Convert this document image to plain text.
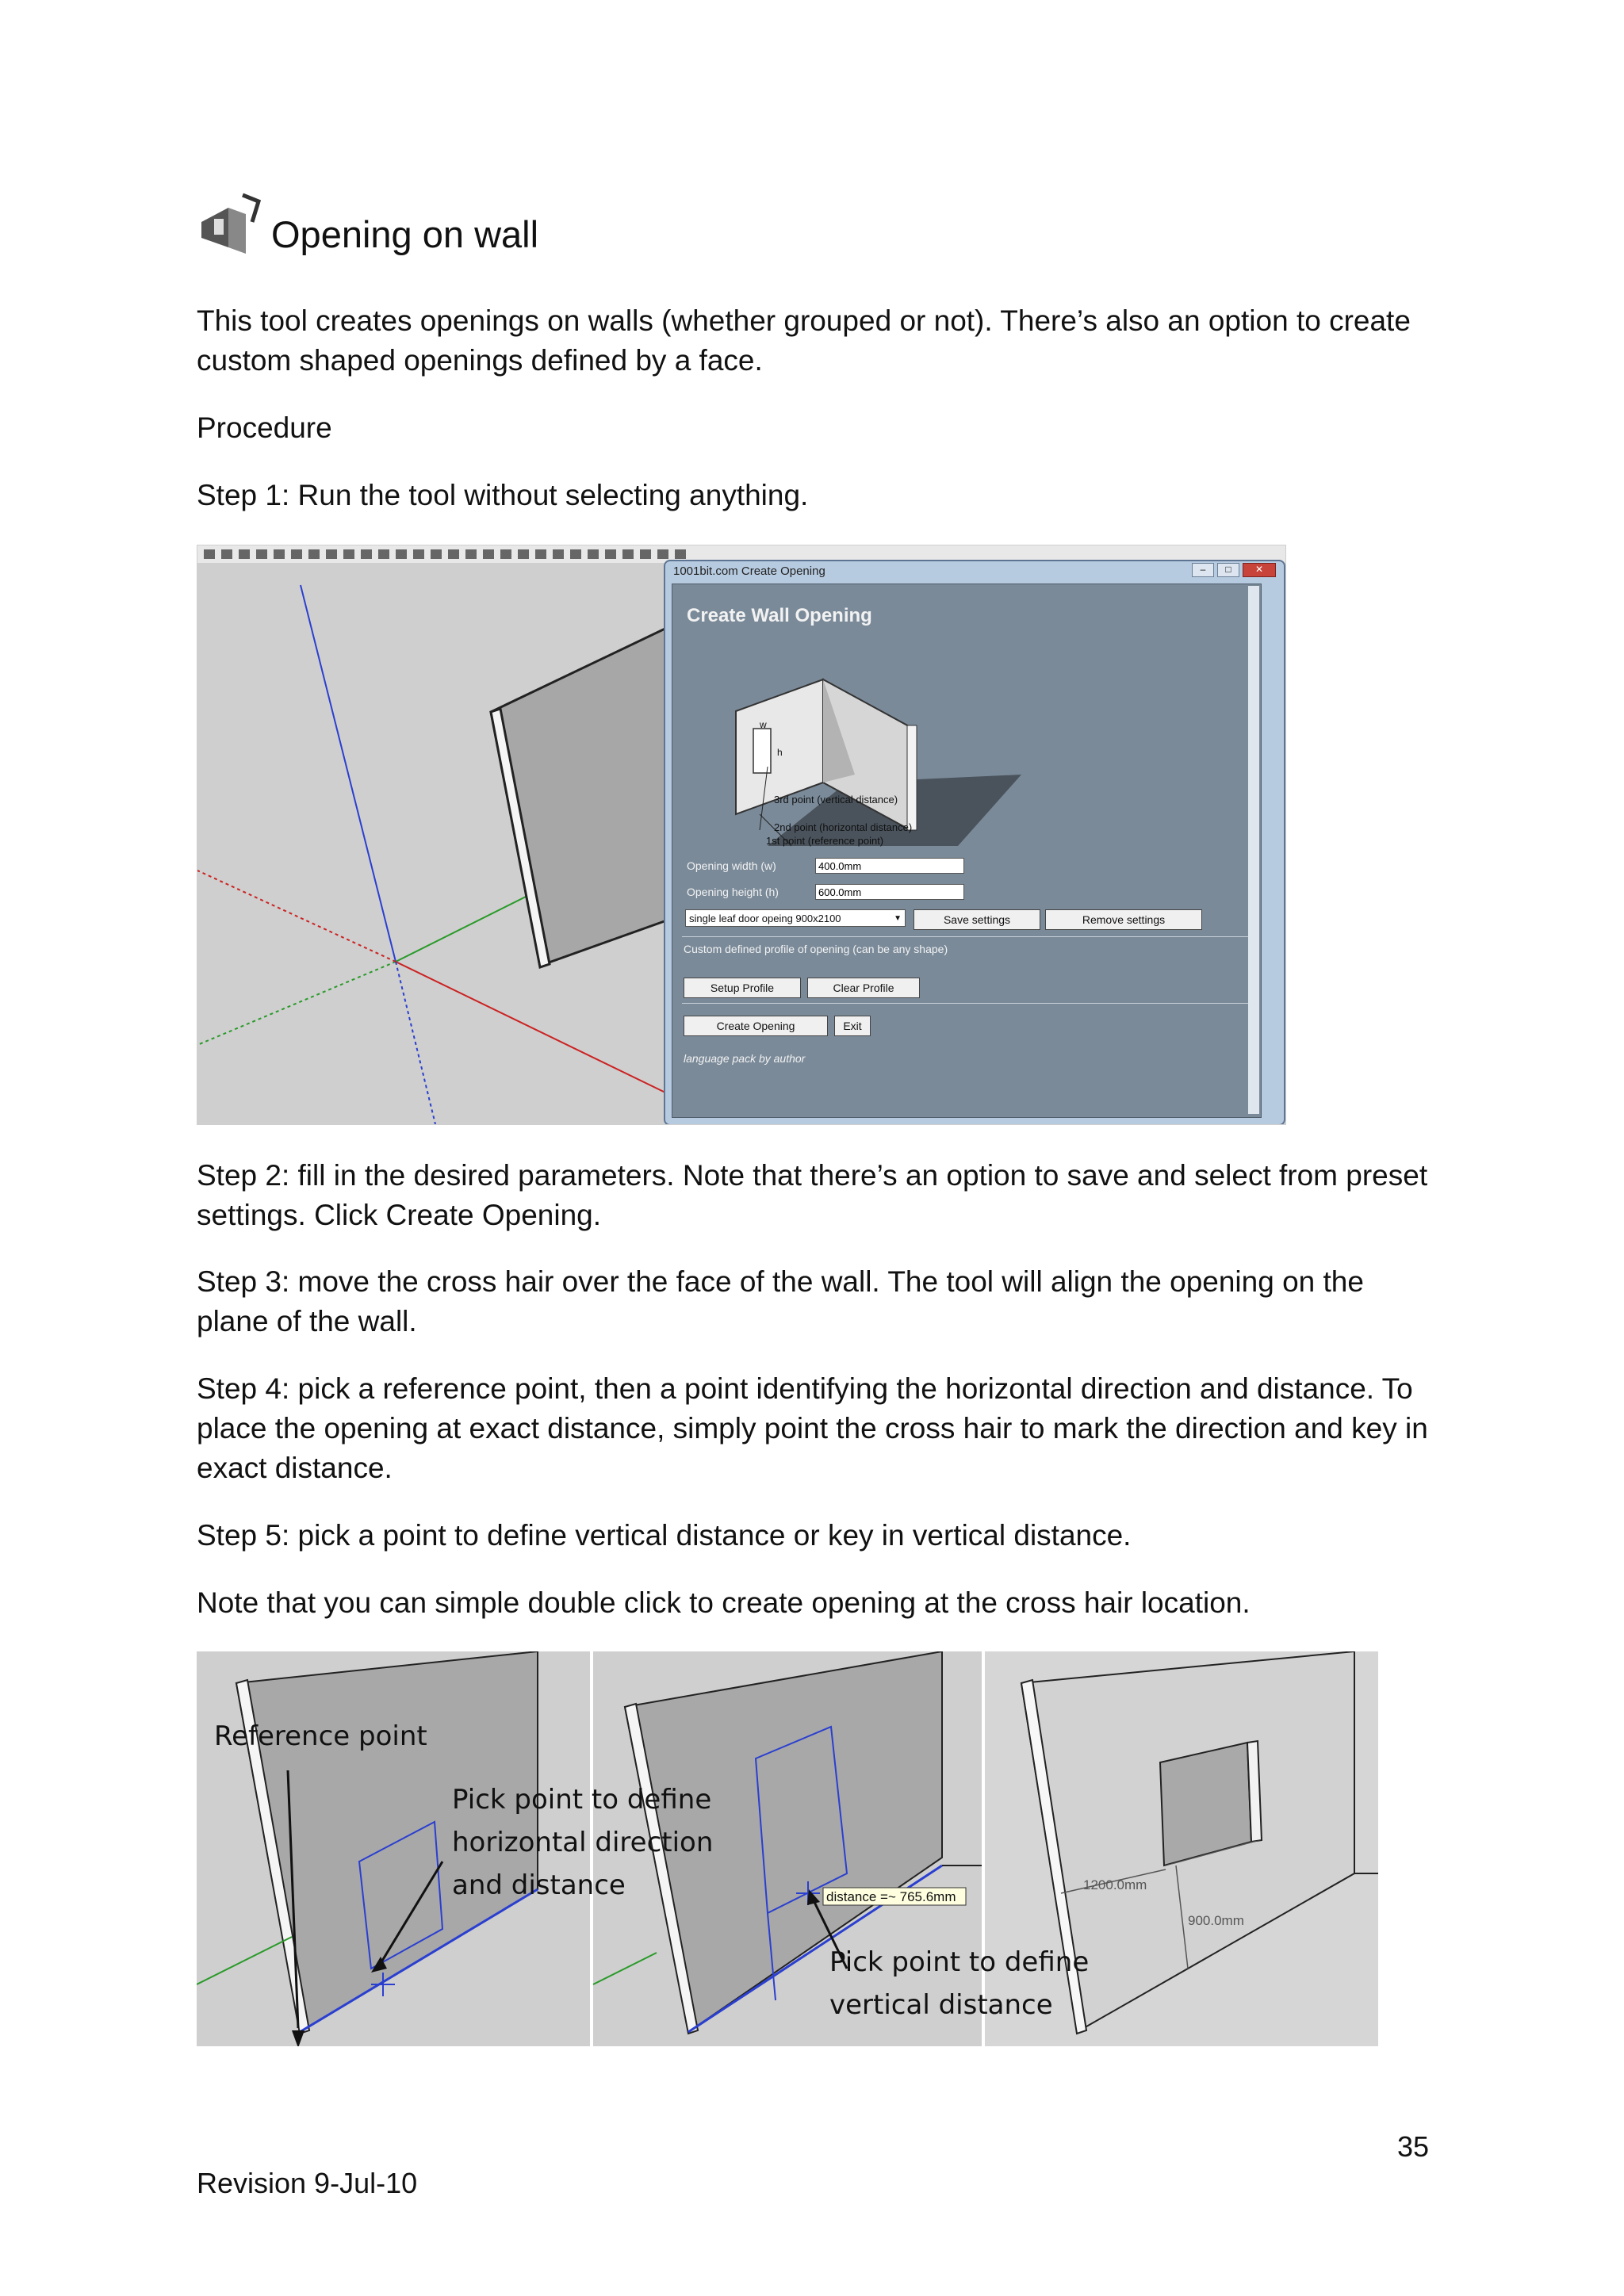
Opening on wall
This tool creates openings on walls (whether grouped or not). There’s also an option to create custom shaped openings defined by a face.
Procedure
Step 1: Run the tool without selecting anything.
1001bit.com Create Opening	–	□	✕
Create Wall Opening
w
h
3rd point (vertical distance)
2nd point (horizontal distance)
1st point (reference point)
Opening width (w)
400.0mm
Opening height (h)
600.0mm
single leaf door opeing 900x2100	▼	Save settings	Remove settings
Custom defined profile of opening (can be any shape)
Setup Profile	Clear Profile
Create Opening	Exit
language pack by author
Step 2: fill in the desired parameters. Note that there’s an option to save and select from preset settings. Click Create Opening.
Step 3: move the cross hair over the face of the wall. The tool will align the opening on the plane of the wall.
Step 4: pick a reference point, then a point identifying the horizontal direction and distance. To place the opening at exact distance, simply point the cross hair to mark the direction and key in exact distance.
Step 5: pick a point to define vertical distance or key in vertical distance.
Note that you can simple double click to create opening at the cross hair location.
Reference point
Pick point to define
horizontal direction
and distance	distance =~ 765.6mm
Pick point to define
vertical distance
1200.0mm
900.0mm
35
Revision 9-Jul-10
